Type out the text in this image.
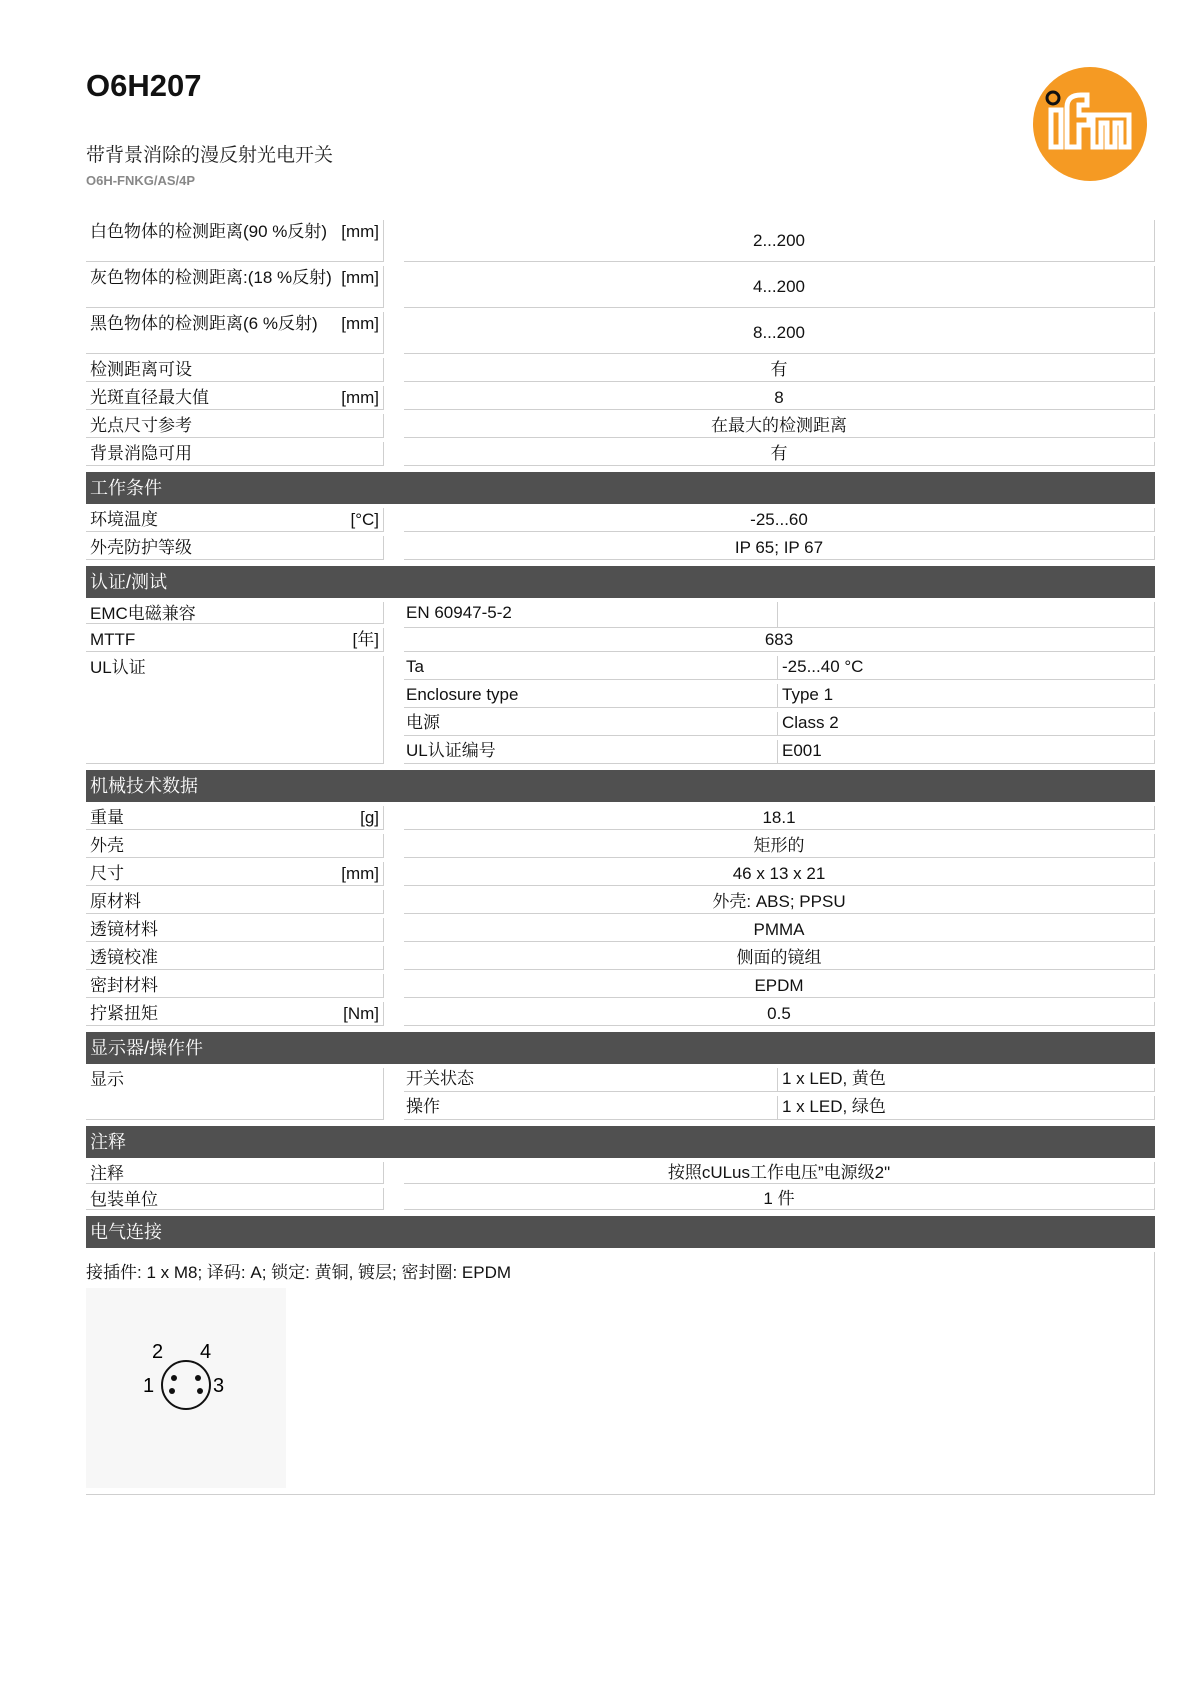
O6H207
带背景消除的漫反射光电开关
O6H-FNKG/AS/4P
白色物体的检测距离(90 %反射) [mm]	2...200
灰色物体的检测距离:(18 %反射) [mm]	4...200
黑色物体的检测距离(6 %反射)	[mm]	8...200
检测距离可设	有
光斑直径最大值	[mm]	8
光点尺寸参考	在最大的检测距离
背景消隐可用	有
工作条件
环境温度	[°C]	-25...60
外壳防护等级	IP 65; IP 67
认证/测试
EMC电磁兼容	EN 60947-5-2
MTTF	[年]	683
UL认证	Ta	-25...40 °C
Enclosure type	Type 1
电源	Class 2
UL认证编号	E001
机械技术数据
重量	[g]	18.1
外壳	矩形的
尺寸	[mm]	46 x 13 x 21
原材料	外壳: ABS; PPSU
透镜材料	PMMA
透镜校准	侧面的镜组
密封材料	EPDM
拧紧扭矩	[Nm]	0.5
显示器/操作件
显示	开关状态	1 x LED, 黄色
操作	1 x LED, 绿色
注释
注释	按照cULus工作电压”电源级2"
包装单位	1 件
电气连接
接插件: 1 x M8; 译码: A; 锁定: 黄铜, 镀层; 密封圈: EPDM
2 4
1	3
